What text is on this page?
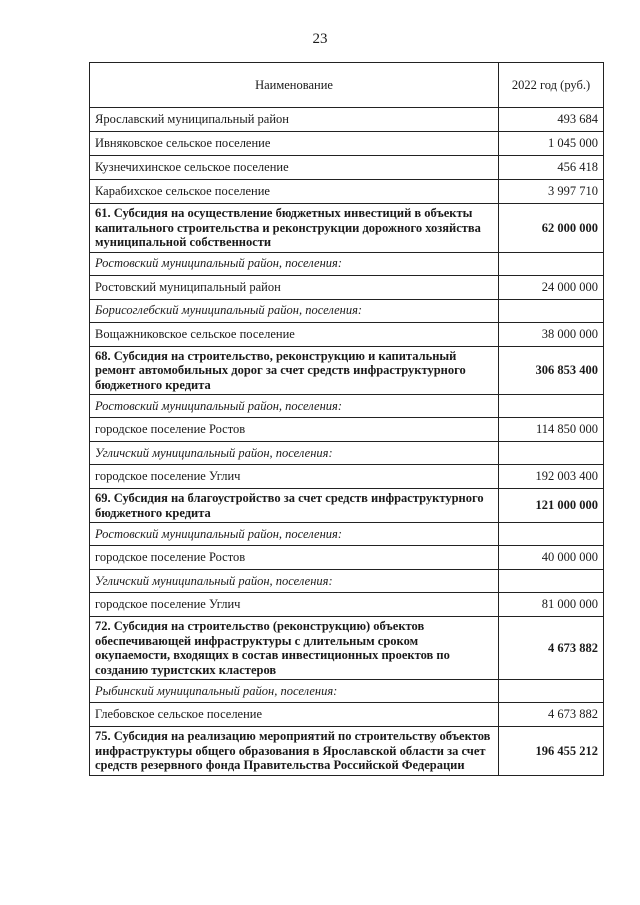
23
Наименование	2022 год (руб.)
Ярославский муниципальный район	493 684
Ивняковское сельское поселение	1 045 000
Кузнечихинское сельское поселение	456 418
Карабихское сельское поселение	3 997 710
61. Субсидия на осуществление бюджетных инвестиций в объекты капитального строительства и реконструкции дорожного хозяйства муниципальной собственности	62 000 000
Ростовский муниципальный район, поселения:	
Ростовский муниципальный район	24 000 000
Борисоглебский муниципальный район, поселения:	
Вощажниковское сельское поселение	38 000 000
68. Субсидия на строительство, реконструкцию и капитальный ремонт автомобильных дорог за счет средств инфраструктурного бюджетного кредита	306 853 400
Ростовский муниципальный район, поселения:	
городское поселение Ростов	114 850 000
Угличский муниципальный район, поселения:	
городское поселение Углич	192 003 400
69. Субсидия на благоустройство за счет средств инфраструктурного бюджетного кредита	121 000 000
Ростовский муниципальный район, поселения:	
городское поселение Ростов	40 000 000
Угличский муниципальный район, поселения:	
городское поселение Углич	81 000 000
72. Субсидия на строительство (реконструкцию) объектов обеспечивающей инфраструктуры с длительным сроком окупаемости, входящих в состав инвестиционных проектов по созданию туристских кластеров	4 673 882
Рыбинский муниципальный район, поселения:	
Глебовское сельское поселение	4 673 882
75. Субсидия на реализацию мероприятий по строительству объектов инфраструктуры общего образования в Ярославской области за счет средств резервного фонда Правительства Российской Федерации	196 455 212
